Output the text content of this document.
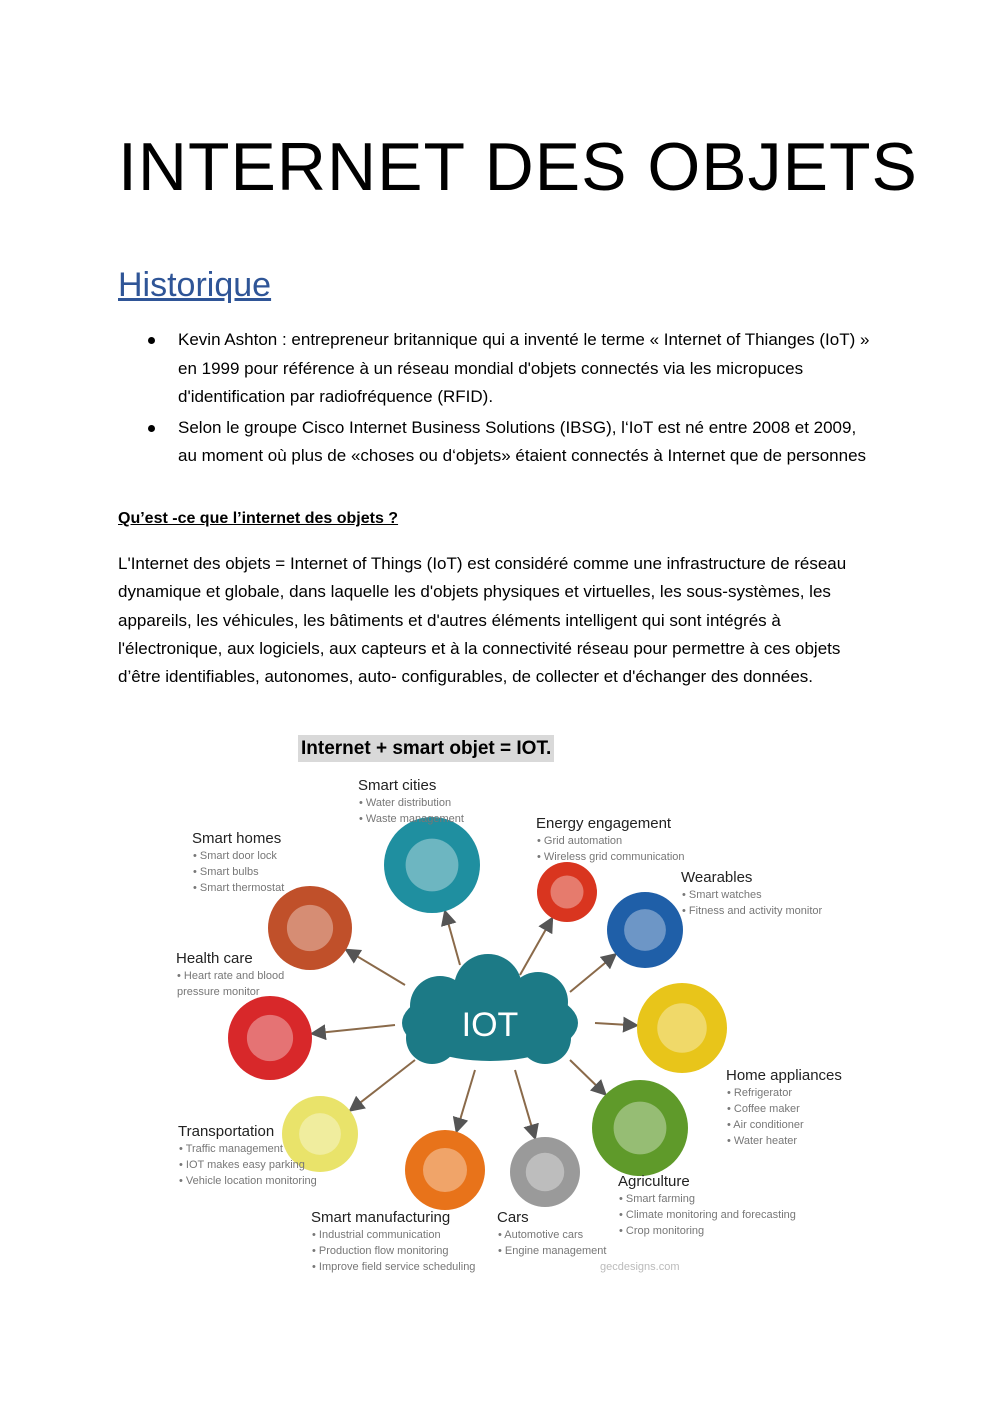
INTERNET DES OBJETS
Historique
Kevin Ashton : entrepreneur britannique qui a inventé le terme « Internet of Thianges (IoT) » en 1999 pour référence à un réseau mondial d'objets connectés via les micropuces d'identification par radiofréquence (RFID).
Selon le groupe Cisco Internet Business Solutions (IBSG), l‘IoT est né entre 2008 et 2009, au moment où plus de «choses ou d‘objets» étaient connectés à Internet que de personnes
Qu’est -ce que l’internet des objets ?

L'Internet des objets = Internet of Things (IoT) est considéré comme une infrastructure de réseau dynamique et globale, dans laquelle les d'objets physiques et virtuelles, les sous-systèmes, les appareils, les véhicules, les bâtiments et d'autres éléments intelligent qui sont intégrés à l'électronique, aux logiciels, aux capteurs et à la connectivité réseau pour permettre à ces objets d’être identifiables, autonomes, auto- configurables, de collecter et d'échanger des données.

Internet + smart objet = IOT.

IOT
Smart cities
• Water distribution
• Waste management	Energy engagement
• Grid automation
• Wireless grid communication
Wearables
• Smart watches
• Fitness and activity monitor
Home appliances
• Refrigerator
• Coffee maker
• Air conditioner
• Water heater
Agriculture
• Smart farming
• Climate monitoring and forecasting
• Crop monitoring
Cars
• Automotive cars
• Engine management
Smart manufacturing
• Industrial communication
• Production flow monitoring
• Improve field service scheduling
Transportation
• Traffic management
• IOT makes easy parking
• Vehicle location monitoring
Health care
• Heart rate and blood
pressure monitor
Smart homes
• Smart door lock
• Smart bulbs
• Smart thermostat
gecdesigns.com
